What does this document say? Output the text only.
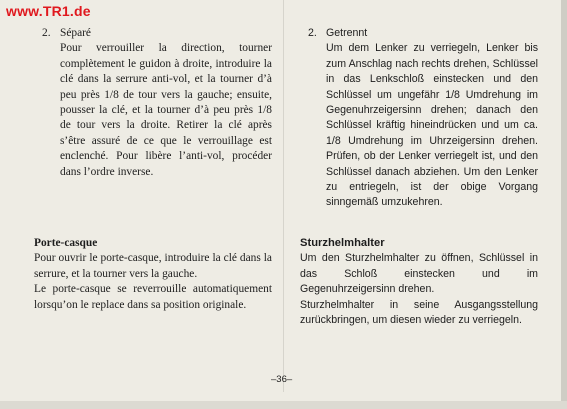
www.TR1.de
2. Séparé
Pour verrouiller la direction, tourner complètement le guidon à droite, introduire la clé dans la serrure anti-vol, et la tourner d’à peu près 1/8 de tour vers la gauche; ensuite, pousser la clé, et la tourner d’à peu près 1/8 de tour vers la droite. Retirer la clé après s’être assuré de ce que le verrouillage est enclenché. Pour libère l’anti-vol, procéder dans l’ordre inverse.
Porte-casque
Pour ouvrir le porte-casque, introduire la clé dans la serrure, et la tourner vers la gauche.
Le porte-casque se reverrouille automatiquement lorsqu’on le replace dans sa position originale.
2. Getrennt
Um dem Lenker zu verriegeln, Lenker bis zum Anschlag nach rechts drehen, Schlüssel in das Lenkschloß einstecken und den Schlüssel um ungefähr 1/8 Umdrehung im Gegenuhrzeigersinn drehen; danach den Schlüssel kräftig hineindrücken und um ca. 1/8 Umdrehung im Uhrzeigersinn drehen. Prüfen, ob der Lenker verriegelt ist, und den Schlüssel danach abziehen. Um den Lenker zu entriegeln, ist der obige Vorgang sinngemäß umzukehren.
Sturzhelmhalter
Um den Sturzhelmhalter zu öffnen, Schlüssel in das Schloß einstecken und im Gegenuhrzeigersinn drehen.
Sturzhelmhalter in seine Ausgangsstellung zurückbringen, um diesen wieder zu verriegeln.
–36–
